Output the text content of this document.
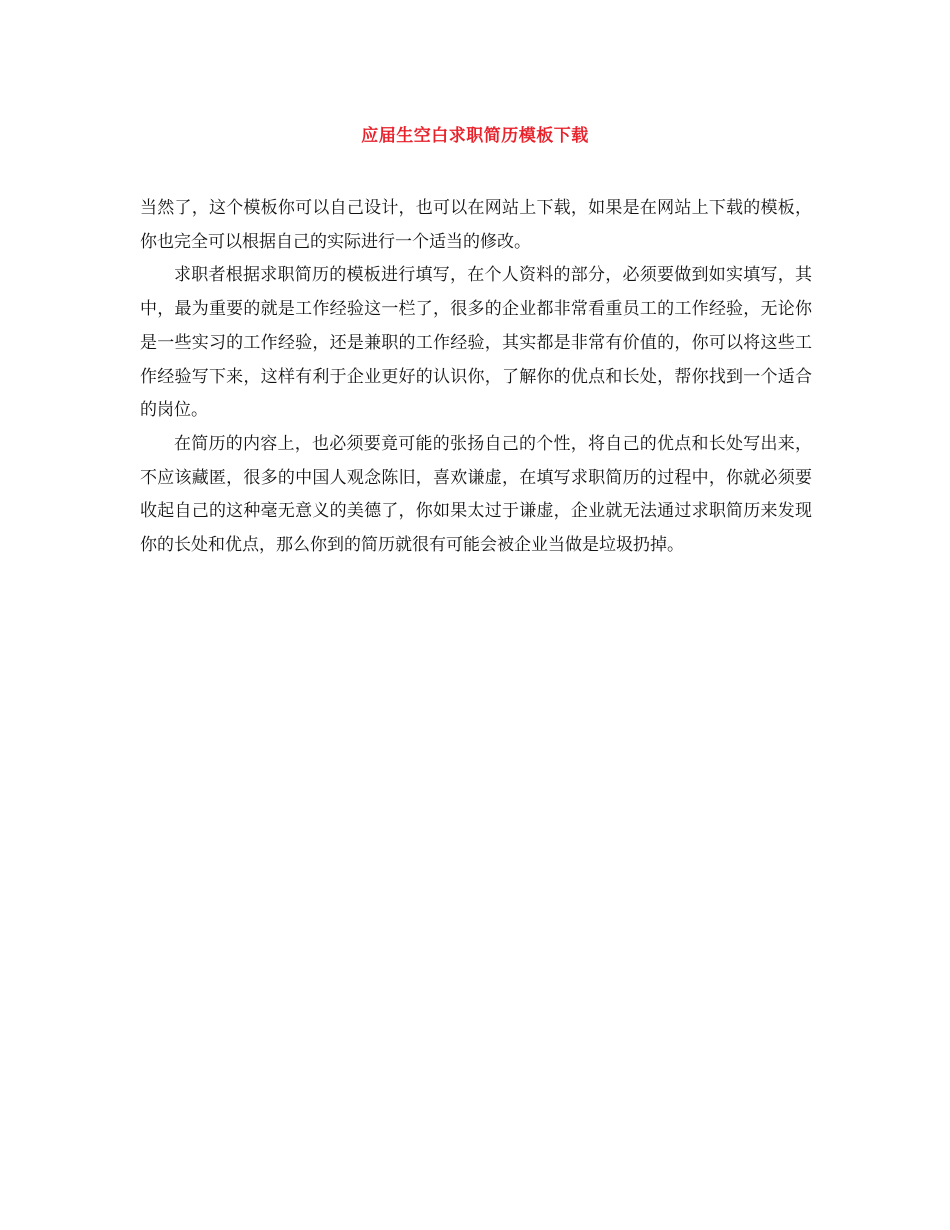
应届生空白求职简历模板下载

当然了，这个模板你可以自己设计，也可以在网站上下载，如果是在网站上下载的模板，你也完全可以根据自己的实际进行一个适当的修改。

求职者根据求职简历的模板进行填写，在个人资料的部分，必须要做到如实填写，其中，最为重要的就是工作经验这一栏了，很多的企业都非常看重员工的工作经验，无论你是一些实习的工作经验，还是兼职的工作经验，其实都是非常有价值的，你可以将这些工作经验写下来，这样有利于企业更好的认识你，了解你的优点和长处，帮你找到一个适合的岗位。

在简历的内容上，也必须要竟可能的张扬自己的个性，将自己的优点和长处写出来，不应该藏匿，很多的中国人观念陈旧，喜欢谦虚，在填写求职简历的过程中，你就必须要收起自己的这种毫无意义的美德了，你如果太过于谦虚，企业就无法通过求职简历来发现你的长处和优点，那么你到的简历就很有可能会被企业当做是垃圾扔掉。
